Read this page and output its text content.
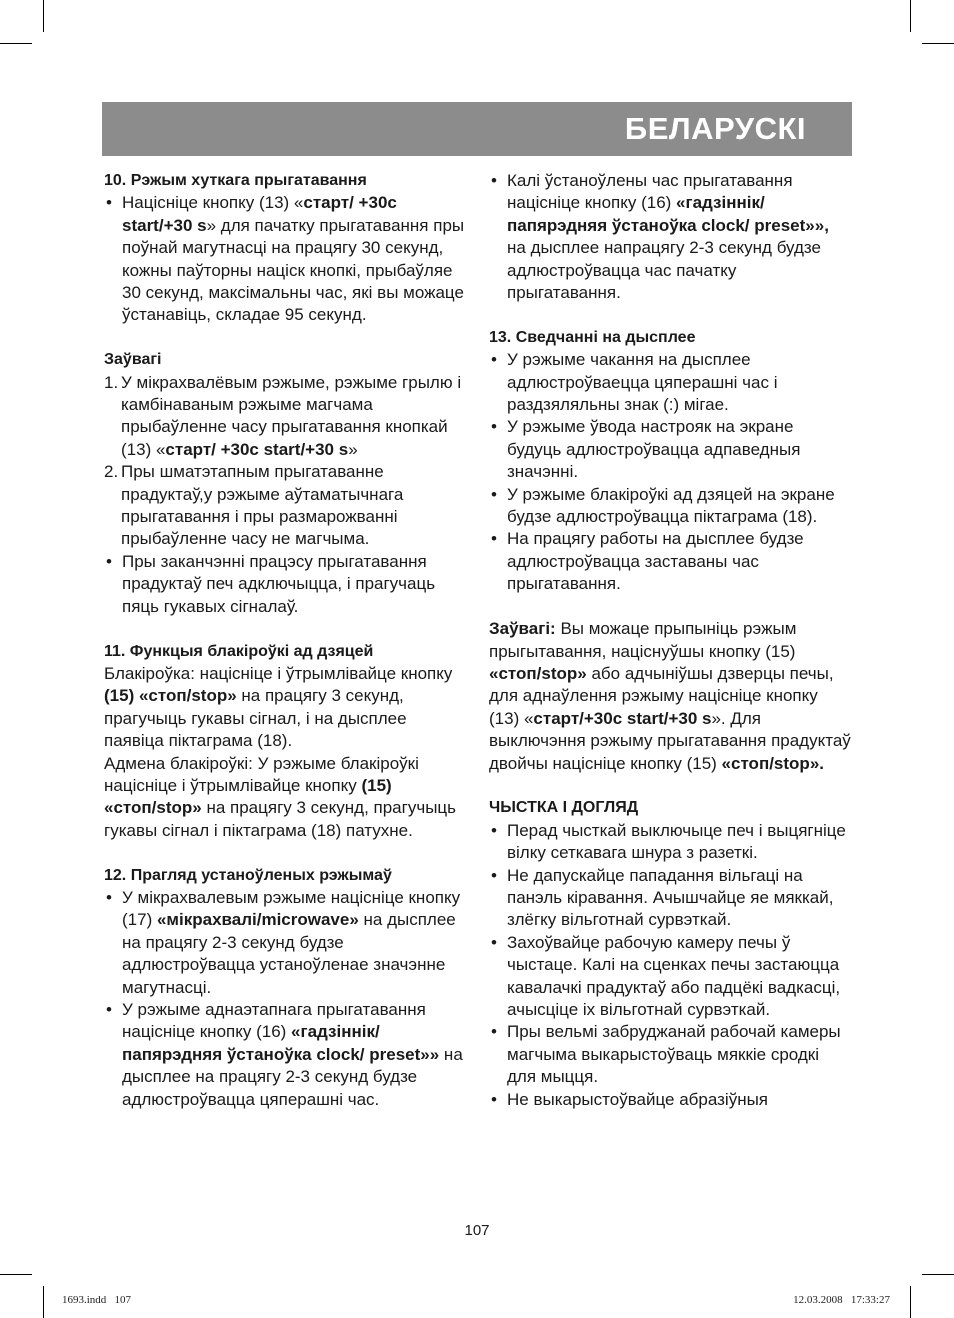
БЕЛАРУСКІ

10. Рэжым хуткага прыгатавання

• Націсніце кнопку (13) «старт/ +30с start/+30 s» для пачатку прыгатавання пры поўнай магутнасці на працягу 30 секунд, кожны паўторны націск кнопкі, прыбаўляе 30 секунд, максімальны час, які вы можаце ўстанавіць, складае 95 секунд.

Заўвагі

1. У мікрахвалёвым рэжыме, рэжыме грылю і камбінаваным рэжыме магчама прыбаўленне часу прыгатавання кнопкай (13) «старт/ +30с start/+30 s»

2. Пры шматэтапным прыгатаванне прадуктаў,у рэжыме аўтаматычнага прыгатавання і пры размарожванні прыбаўленне часу не магчыма.

• Пры заканчэнні працэсу прыгатавання прадуктаў печ адключыцца, і прагучаць пяць гукавых сігналаў.

11. Функцыя блакіроўкі ад дзяцей

Блакіроўка: націсніце і ўтрымлівайце кнопку (15) «стоп/stop» на працягу 3 секунд, прагучыць гукавы сігнал, і на дысплее паявіца піктаграма (18).

Адмена блакіроўкі: У рэжыме блакіроўкі націсніце і ўтрымлівайце кнопку (15) «стоп/stop» на працягу 3 секунд, прагучыць гукавы сігнал і піктаграма (18) патухне.

12. Прагляд устаноўленых рэжымаў

• У мікрахвалевым рэжыме націсніце кнопку (17) «мікрахвалі/microwave» на дысплее на працягу 2-3 секунд будзе адлюстроўвацца устаноўленае значэнне магутнасці.

• У рэжыме аднаэтапнага прыгатавання націсніце кнопку (16) «гадзіннік/ папярэдняя ўстаноўка clock/ preset»» на дысплее на працягу 2-3 секунд будзе адлюстроўвацца цяперашні час.

• Калі ўстаноўлены час прыгатавання націсніце кнопку (16) «гадзіннік/ папярэдняя ўстаноўка clock/ preset»», на дысплее напрацягу 2-3 секунд будзе адлюстроўвацца час пачатку прыгатавання.

13. Сведчанні на дысплее

• У рэжыме чакання на дысплее адлюстроўваецца цяперашні час і раздзяляльны знак (:) мігае.

• У рэжыме ўвода настрояк на экране будуць адлюстроўвацца адпаведныя значэнні.

• У рэжыме блакіроўкі ад дзяцей на экране будзе адлюстроўвацца піктаграма (18).

• На працягу работы на дысплее будзе адлюстроўвацца заставаны час прыгатавання.

Заўвагі: Вы можаце прыпыніць рэжым прыгытавання, націснуўшы кнопку (15) «стоп/stop» або адчыніўшы дзверцы печы, для аднаўлення рэжыму націсніце кнопку (13) «старт/+30с start/+30 s». Для выключэння рэжыму прыгатавання прадуктаў двойчы націсніце кнопку (15) «стоп/stop».

ЧЫСТКА І ДОГЛЯД

• Перад чысткай выключыце печ і выцягніце вілку сеткавага шнура з разеткі.

• Не дапускайце пападання вільгаці на панэль кіравання. Ачышчайце яе мяккай, злёгку вільготнай сурвэткай.

• Захоўвайце рабочую камеру печы ў чыстаце. Калі на сценках печы застаюцца кавалачкі прадуктаў або падцёкі вадкасці, ачысціце іх вільготнай сурвэткай.

• Пры вельмі забруджанай рабочай камеры магчыма выкарыстоўваць мяккіе сродкі для мыцця.

• Не выкарыстоўвайце абразіўныя

107
1693.indd   107	12.03.2008   17:33:27
